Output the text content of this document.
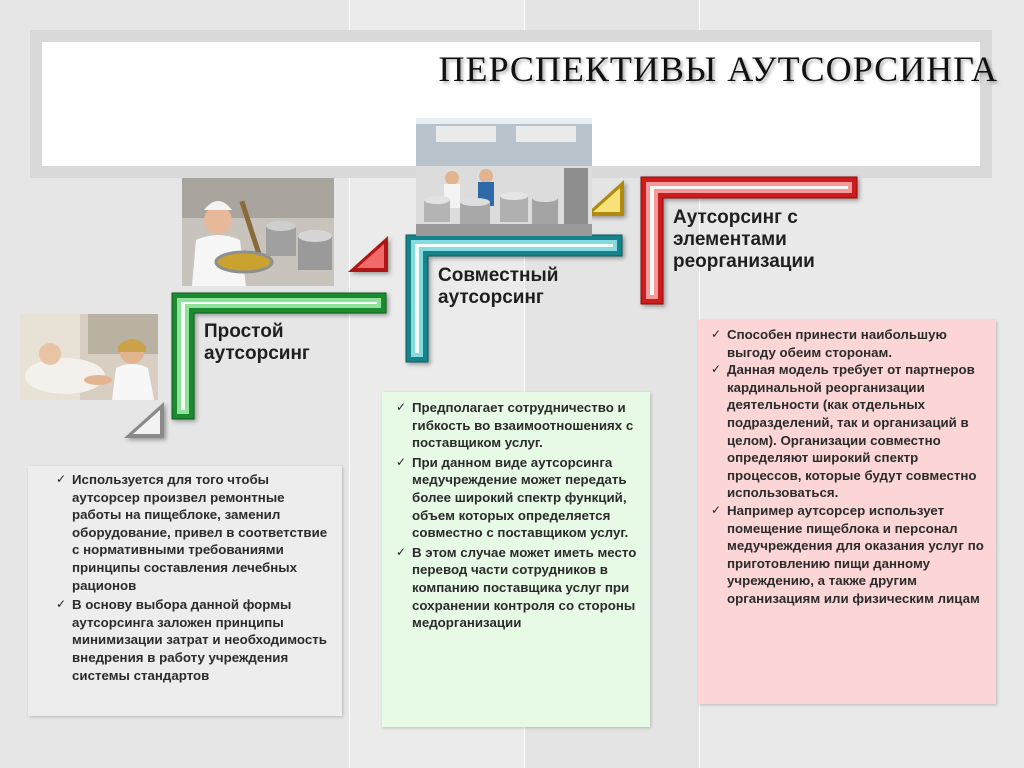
ПЕРСПЕКТИВЫ АУТСОРСИНГА
Простой
аутсорсинг
Совместный
аутсорсинг
Аутсорсинг с
элементами
реорганизации
✓ Используется для того чтобы аутсорсер произвел ремонтные работы на пищеблоке, заменил оборудование, привел в соответствие с нормативными требованиями принципы составления лечебных рационов
✓ В основу выбора данной формы аутсорсинга заложен принципы минимизации затрат и необходимость внедрения в работу учреждения системы стандартов
✓ Предполагает сотрудничество и гибкость во взаимоотношениях с поставщиком услуг.
✓ При данном виде аутсорсинга медучреждение может передать более широкий спектр функций, объем которых определяется совместно с поставщиком услуг.
✓ В этом случае может иметь место перевод части сотрудников в компанию поставщика услуг при сохранении контроля со стороны медорганизации
✓ Способен принести наибольшую выгоду обеим сторонам.
✓ Данная модель требует от партнеров кардинальной реорганизации деятельности (как отдельных подразделений, так и организаций в целом). Организации совместно определяют широкий спектр процессов, которые будут совместно использоваться.
✓ Например аутсорсер использует помещение пищеблока и персонал медучреждения для оказания услуг по приготовлению пищи данному учреждению, а также другим организациям или физическим лицам
